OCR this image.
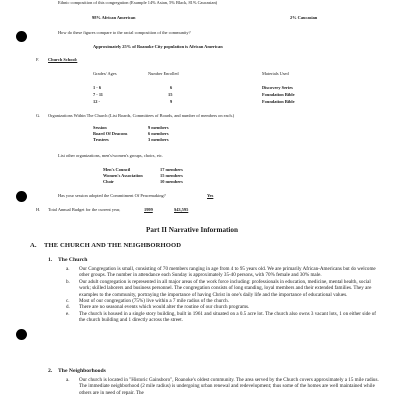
Ethnic composition of this congregation (Example 14% Asian, 5% Black, 81% Caucasian)
98% African American	2% Caucasian
How do these figures compare to the racial composition of the community?
Approximately 25% of Roanoke City population is African American
F. Church School:
Grades/ Ages	Number Enrolled	Materials Used
1 - 6	6	Discovery Series
7 - 11	15	Foundation Bible
12 -	9	Foundation Bible
G. Organizations Within The Church (List Boards, Committees of Boards, and number of members on each.)
Session	9 members
Board Of Deacons	6 members
Trustees	3 members
List other organizations, men's/women's groups, choirs, etc.
Men's Council	17 members
Women's Association	15 members
Choir	10 members
Has your session adopted the Commitment Of Peacemaking?	Yes
H. Total Annual Budget for the current year,	1999	$43,595
Part II Narrative Information
A. THE CHURCH AND THE NEIGHBORHOOD
1. The Church
a.	Our Congregation is small, consisting of 70 members ranging in age from 4 to 95 years old. We are primarily African-Americans but do welcome other groups. The number in attendance each Sunday is approximately 35-40 persons, with 70% female and 30% male.
b.	Our adult congregation is represented in all major areas of the work force including: professionals in education, medicine, mental health, social work; skilled laborers and business personnel. The congregation consists of long standing, loyal members and their extended families. They are examples to the community, portraying the importance of having Christ in one's daily life and the importance of educational values.
c.	Most of our congregation (75%) live within a 7 mile radius of the church.
d.	There are no seasonal events which would alter the routine of our church programs.
e.	The church is housed in a single story building, built in 1961 and situated on a 0.5 acre lot. The church also owns 3 vacant lots, 1 on either side of the church building and 1 directly across the street.
2. The Neighborhoods
a.	Our church is located in "Historic Gainsboro", Roanoke's oldest community. The area served by the Church covers approximately a 15 mile radius. The immediate neighborhood (2 mile radius) is undergoing urban renewal and redevelopment; thus some of the homes are well maintained while others are in need of repair. The
